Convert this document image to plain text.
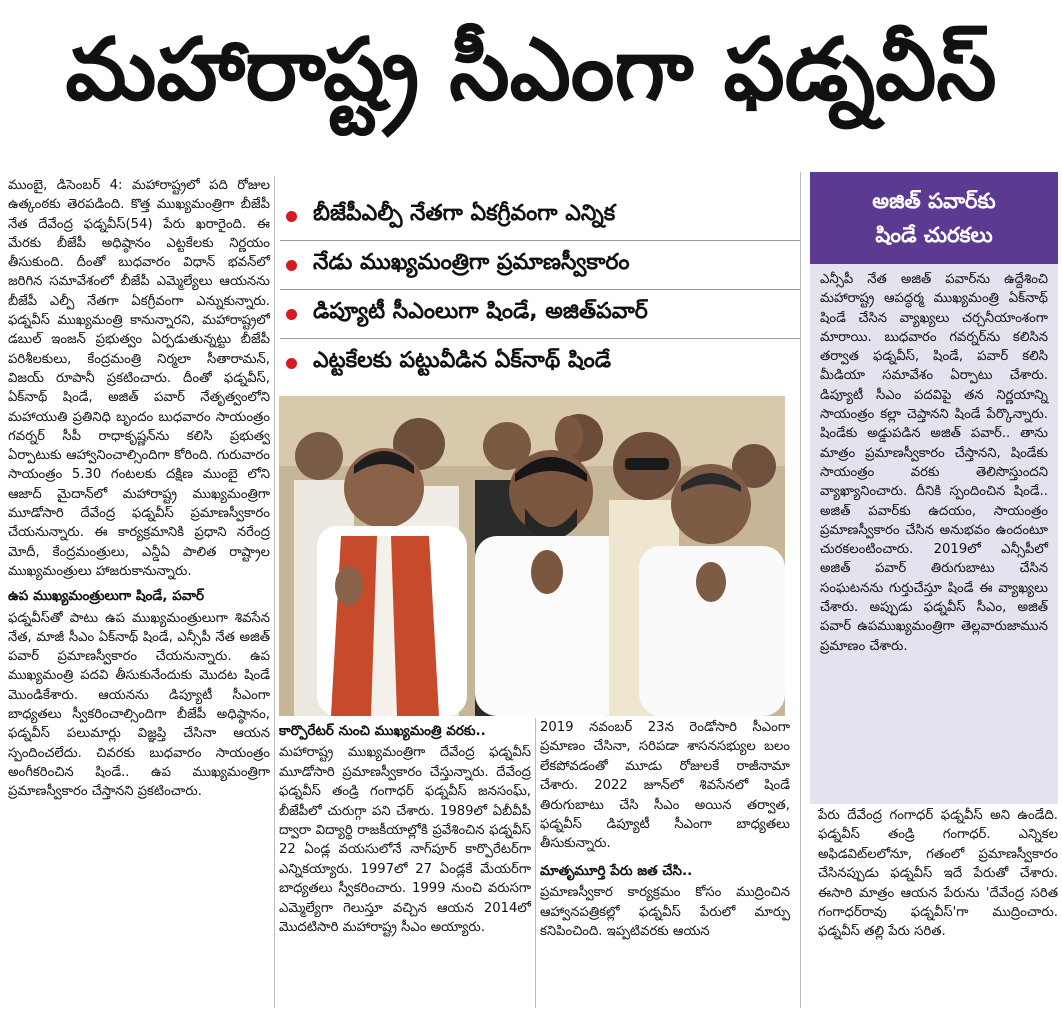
మహారాష్ట్ర సీఎంగా ఫడ్నవీస్

ముంబై, డిసెంబర్ 4: మహారాష్ట్రలో పది రోజుల ఉత్కంఠకు తెరపడింది. కొత్త ముఖ్యమంత్రిగా బీజేపీ నేత దేవేంద్ర ఫడ్నవీస్(54) పేరు ఖరారైంది. ఈ మేరకు బీజేపీ అధిష్ఠానం ఎట్టకేలకు నిర్ణయం తీసుకుంది. దీంతో బుధవారం విధాన్ భవన్‌లో జరిగిన సమావేశంలో బీజేపీ ఎమ్మెల్యేలు ఆయనను బీజేపీ ఎల్పీ నేతగా ఏకగ్రీవంగా ఎన్నుకున్నారు. ఫడ్నవీస్ ముఖ్యమంత్రి కానున్నారని, మహారాష్ట్రలో డబుల్ ఇంజన్ ప్రభుత్వం ఏర్పడుతున్నట్టు బీజేపీ పరిశీలకులు, కేంద్రమంత్రి నిర్మలా సీతారామన్, విజయ్ రూపానీ ప్రకటించారు. దీంతో ఫడ్నవీస్, ఏక్‌నాథ్ షిండే, అజిత్ పవార్ నేతృత్వంలోని మహాయుతి ప్రతినిధి బృందం బుధవారం సాయంత్రం గవర్నర్ సీపీ రాధాకృష్ణన్‌ను కలిసి ప్రభుత్వ ఏర్పాటుకు ఆహ్వానించాల్సిందిగా కోరింది. గురువారం సాయంత్రం 5.30 గంటలకు దక్షిణ ముంబై లోని ఆజాద్ మైదాన్‌లో మహారాష్ట్ర ముఖ్యమంత్రిగా మూడోసారి దేవేంద్ర ఫడ్నవీస్ ప్రమాణస్వీకారం చేయనున్నారు. ఈ కార్యక్రమానికి ప్రధాని నరేంద్ర మోదీ, కేంద్రమంత్రులు, ఎన్డీఏ పాలిత రాష్ట్రాల ముఖ్యమంత్రులు హాజరుకానున్నారు.

ఉప ముఖ్యమంత్రులుగా షిండే, పవార్

ఫడ్నవీస్‌తో పాటు ఉప ముఖ్యమంత్రులుగా శివసేన నేత, మాజీ సీఎం ఏక్‌నాథ్ షిండే, ఎన్సీపీ నేత అజిత్ పవార్ ప్రమాణస్వీకారం చేయనున్నారు. ఉప ముఖ్యమంత్రి పదవి తీసుకునేందుకు మొదట షిండే మొండికేశారు. ఆయనను డిప్యూటీ సీఎంగా బాధ్యతలు స్వీకరించాల్సిందిగా బీజేపీ అధిష్ఠానం, ఫడ్నవీస్ పలుమార్లు విజ్ఞప్తి చేసినా ఆయన స్పందించలేదు. చివరకు బుధవారం సాయంత్రం అంగీకరించిన షిండే.. ఉప ముఖ్యమంత్రిగా ప్రమాణస్వీకారం చేస్తానని ప్రకటించారు.

బీజేపీఎల్పీ నేతగా ఏకగ్రీవంగా ఎన్నిక
నేడు ముఖ్యమంత్రిగా ప్రమాణస్వీకారం
డిప్యూటీ సీఎంలుగా షిండే, అజిత్‌పవార్
ఎట్టకేలకు పట్టువీడిన ఏక్‌నాథ్ షిండే
అజిత్ పవార్‌కు
షిండే చురకలు

ఎన్సీపీ నేత అజిత్ పవార్‌ను ఉద్దేశించి మహారాష్ట్ర ఆపద్ధర్మ ముఖ్యమంత్రి ఏక్‌నాథ్ షిండే చేసిన వ్యాఖ్యలు చర్చనీయాంశంగా మారాయి. బుధవారం గవర్నర్‌ను కలిసిన తర్వాత ఫడ్నవీస్, షిండే, పవార్ కలిసి మీడియా సమావేశం ఏర్పాటు చేశారు. డిప్యూటీ సీఎం పదవిపై తన నిర్ణయాన్ని సాయంత్రం కల్లా చెప్తానని షిండే పేర్కొన్నారు. షిండేకు అడ్డుపడిన అజిత్ పవార్.. తాను మాత్రం ప్రమాణస్వీకారం చేస్తానని, షిండేకు సాయంత్రం వరకు తెలిసొస్తుందని వ్యాఖ్యానించారు. దీనికి స్పందించిన షిండే.. అజిత్ పవార్‌కు ఉదయం, సాయంత్రం ప్రమాణస్వీకారం చేసిన అనుభవం ఉందంటూ చురకలంటించారు. 2019లో ఎన్సీపీలో అజిత్ పవార్ తిరుగుబాటు చేసిన సంఘటనను గుర్తుచేస్తూ షిండే ఈ వ్యాఖ్యలు చేశారు. అప్పుడు ఫడ్నవీస్ సీఎం, అజిత్ పవార్ ఉపముఖ్యమంత్రిగా తెల్లవారుజామున ప్రమాణం చేశారు.

కార్పొరేటర్ నుంచి ముఖ్యమంత్రి వరకు..
మహారాష్ట్ర ముఖ్యమంత్రిగా దేవేంద్ర ఫడ్నవీస్ మూడోసారి ప్రమాణస్వీకారం చేస్తున్నారు. దేవేంద్ర ఫడ్నవీస్ తండ్రి గంగాధర్ ఫడ్నవీస్ జనసంఘ్, బీజేపీలో చురుగ్గా పని చేశారు. 1989లో ఏబీవీపీ ద్వారా విద్యార్థి రాజకీయాల్లోకి ప్రవేశించిన ఫడ్నవీస్ 22 ఏండ్ల వయసులోనే నాగ్‌పూర్ కార్పొరేటర్‌గా ఎన్నికయ్యారు. 1997లో 27 ఏండ్లకే మేయర్‌గా బాధ్యతలు స్వీకరించారు. 1999 నుంచి వరుసగా ఎమ్మెల్యేగా గెలుస్తూ వచ్చిన ఆయన 2014లో మొదటిసారి మహారాష్ట్ర సీఎం అయ్యారు.
2019 నవంబర్ 23న రెండోసారి సీఎంగా ప్రమాణం చేసినా, సరిపడా శాసనసభ్యుల బలం లేకపోవడంతో మూడు రోజులకే రాజీనామా చేశారు. 2022 జూన్‌లో శివసేనలో షిండే తిరుగుబాటు చేసి సీఎం అయిన తర్వాత, ఫడ్నవీస్ డిప్యూటీ సీఎంగా బాధ్యతలు తీసుకున్నారు.
మాతృమూర్తి పేరు జత చేసి..
ప్రమాణస్వీకార కార్యక్రమం కోసం ముద్రించిన ఆహ్వానపత్రికల్లో ఫడ్నవీస్ పేరులో మార్పు కనిపించింది. ఇప్పటివరకు ఆయన
పేరు దేవేంద్ర గంగాధర్ ఫడ్నవీస్ అని ఉండేది. ఫడ్నవీస్ తండ్రి గంగాధర్. ఎన్నికల అఫిడవిట్‌లలోనూ, గతంలో ప్రమాణస్వీకారం చేసినప్పుడు ఫడ్నవీస్ ఇదే పేరుతో చేశారు. ఈసారి మాత్రం ఆయన పేరును 'దేవేంద్ర సరిత గంగాధర్‌రావు ఫడ్నవీస్'గా ముద్రించారు. ఫడ్నవీస్ తల్లి పేరు సరిత.
